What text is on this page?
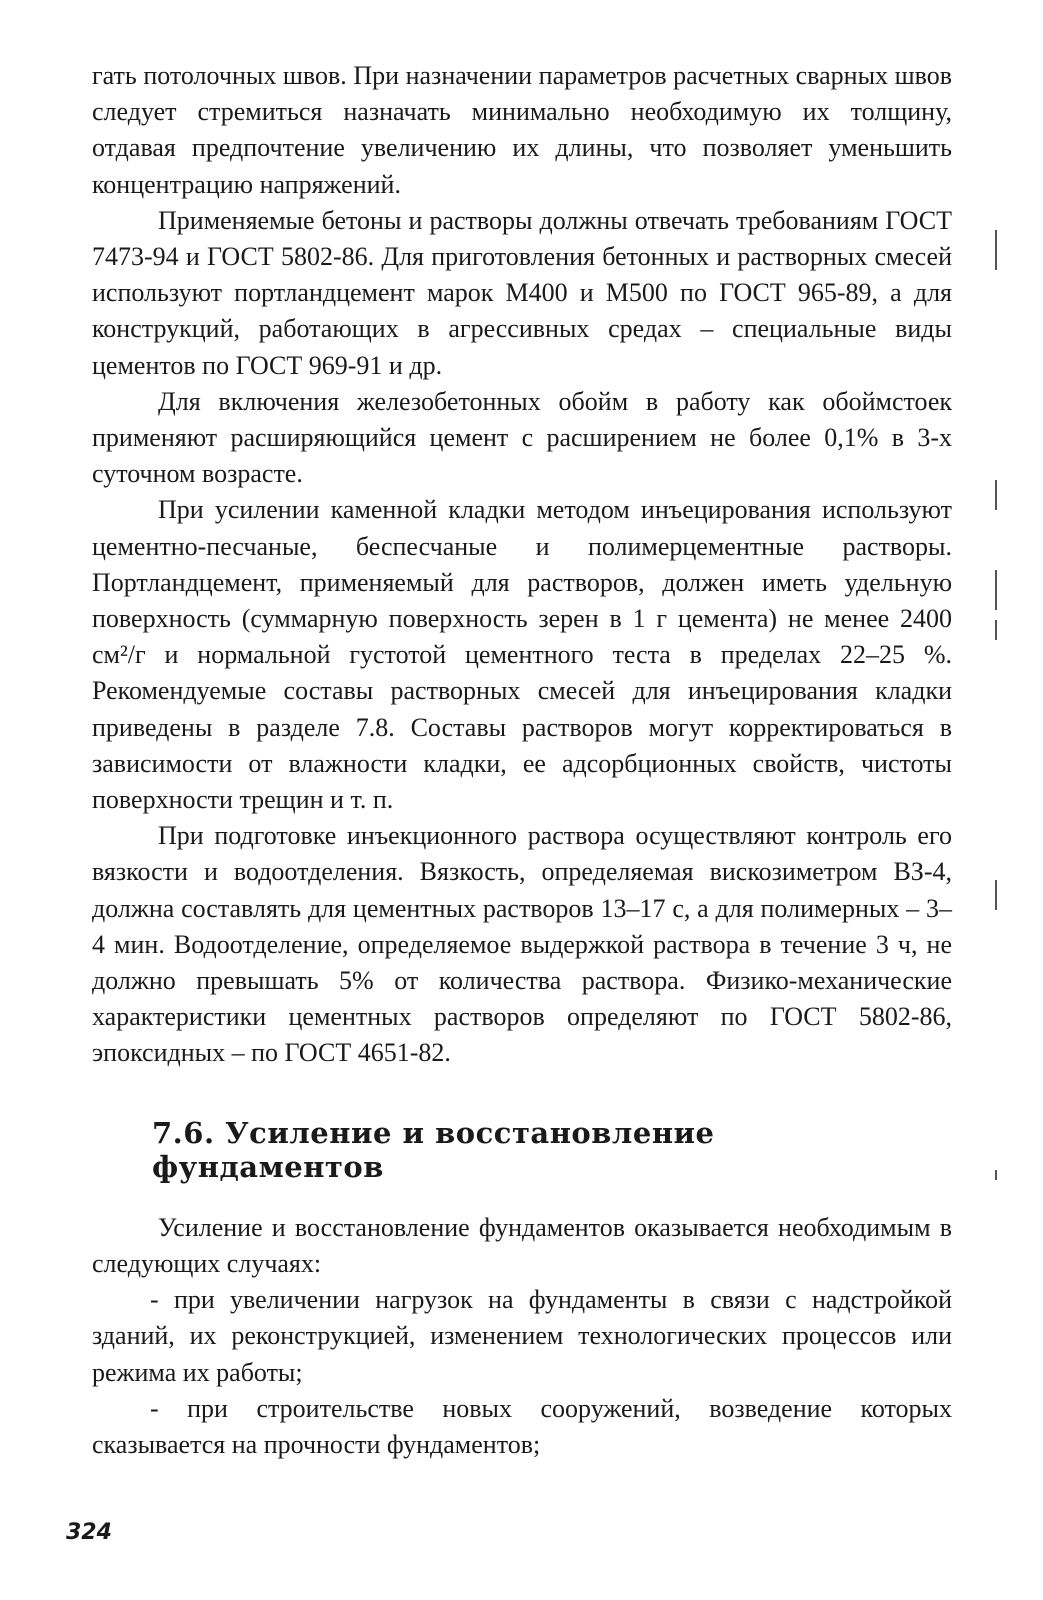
гать потолочных швов. При назначении параметров расчетных сварных швов следует стремиться назначать минимально необходимую их толщину, отдавая предпочтение увеличению их длины, что позволяет уменьшить концентрацию напряжений.

Применяемые бетоны и растворы должны отвечать требованиям ГОСТ 7473-94 и ГОСТ 5802-86. Для приготовления бетонных и растворных смесей используют портландцемент марок М400 и М500 по ГОСТ 965-89, а для конструкций, работающих в агрессивных средах – специальные виды цементов по ГОСТ 969-91 и др.

Для включения железобетонных обойм в работу как обоймстоек применяют расширяющийся цемент с расширением не более 0,1% в 3-х суточном возрасте.

При усилении каменной кладки методом инъецирования используют цементно-песчаные, беспесчаные и полимерцементные растворы. Портландцемент, применяемый для растворов, должен иметь удельную поверхность (суммарную поверхность зерен в 1 г цемента) не менее 2400 см²/г и нормальной густотой цементного теста в пределах 22–25 %. Рекомендуемые составы растворных смесей для инъецирования кладки приведены в разделе 7.8. Составы растворов могут корректироваться в зависимости от влажности кладки, ее адсорбционных свойств, чистоты поверхности трещин и т. п.

При подготовке инъекционного раствора осуществляют контроль его вязкости и водоотделения. Вязкость, определяемая вискозиметром ВЗ-4, должна составлять для цементных растворов 13–17 с, а для полимерных – 3–4 мин. Водоотделение, определяемое выдержкой раствора в течение 3 ч, не должно превышать 5% от количества раствора. Физико-механические характеристики цементных растворов определяют по ГОСТ 5802-86, эпоксидных – по ГОСТ 4651-82.

7.6. Усиление и восстановление фундаментов

Усиление и восстановление фундаментов оказывается необходимым в следующих случаях:

- при увеличении нагрузок на фундаменты в связи с надстройкой зданий, их реконструкцией, изменением технологических процессов или режима их работы;

- при строительстве новых сооружений, возведение которых сказывается на прочности фундаментов;

324
